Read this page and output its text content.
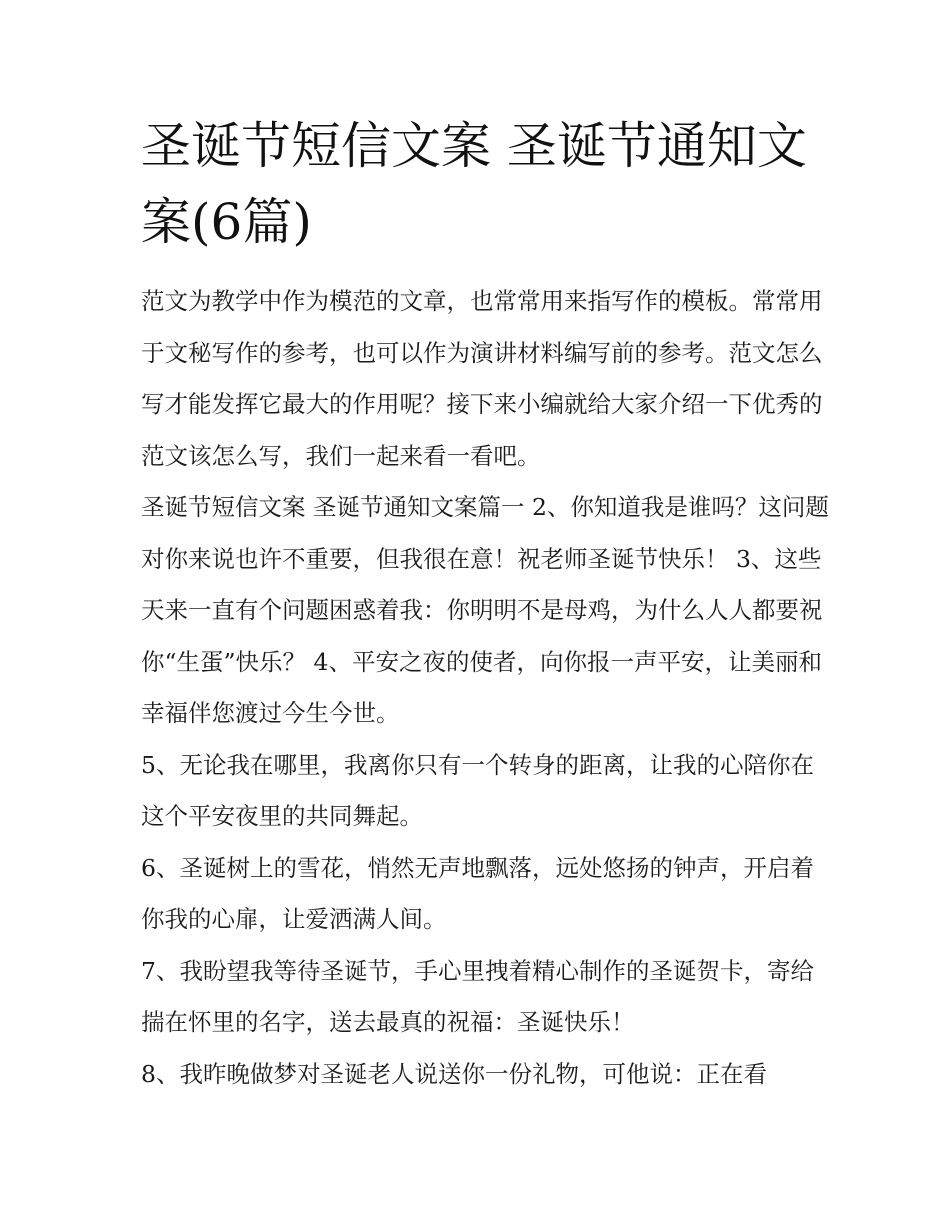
圣诞节短信文案 圣诞节通知文案(6篇)

范文为教学中作为模范的文章，也常常用来指写作的模板。常常用于文秘写作的参考，也可以作为演讲材料编写前的参考。范文怎么写才能发挥它最大的作用呢？接下来小编就给大家介绍一下优秀的范文该怎么写，我们一起来看一看吧。

圣诞节短信文案 圣诞节通知文案篇一 2、你知道我是谁吗？这问题对你来说也许不重要，但我很在意！祝老师圣诞节快乐！ 3、这些天来一直有个问题困惑着我：你明明不是母鸡，为什么人人都要祝你“生蛋”快乐？ 4、平安之夜的使者，向你报一声平安，让美丽和幸福伴您渡过今生今世。

5、无论我在哪里，我离你只有一个转身的距离，让我的心陪你在这个平安夜里的共同舞起。

6、圣诞树上的雪花，悄然无声地飘落，远处悠扬的钟声，开启着你我的心扉，让爱洒满人间。

7、我盼望我等待圣诞节，手心里拽着精心制作的圣诞贺卡，寄给揣在怀里的名字，送去最真的祝福：圣诞快乐！

8、我昨晚做梦对圣诞老人说送你一份礼物，可他说：正在看
